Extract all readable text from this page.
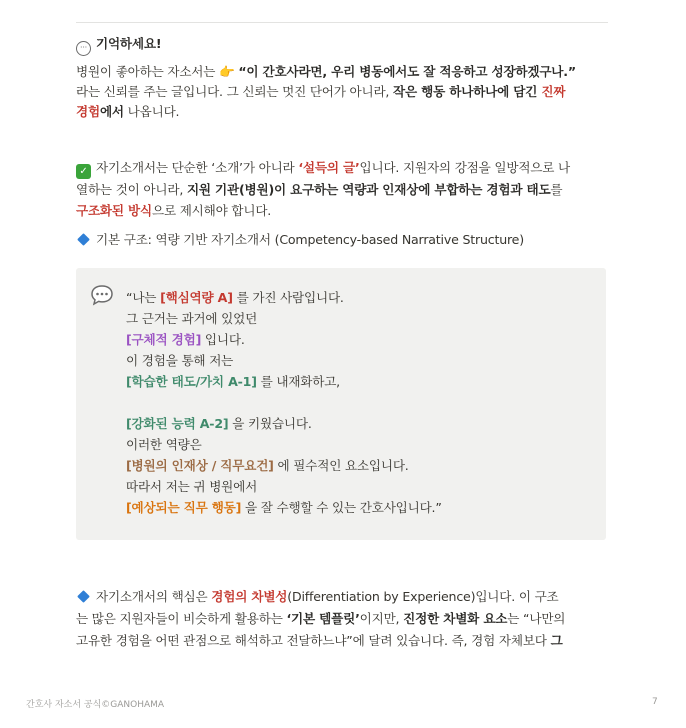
··· 기억하세요!
병원이 좋아하는 자소서는 👉 “이 간호사라면, 우리 병동에서도 잘 적응하고 성장하겠구나.”
라는 신뢰를 주는 글입니다. 그 신뢰는 멋진 단어가 아니라, 작은 행동 하나하나에 담긴 진짜
경험에서 나옵니다.
✓ 자기소개서는 단순한 ‘소개’가 아니라 ‘설득의 글’입니다. 지원자의 강점을 일방적으로 나
열하는 것이 아니라, 지원 기관(병원)이 요구하는 역량과 인재상에 부합하는 경험과 태도를
구조화된 방식으로 제시해야 합니다.
기본 구조: 역량 기반 자기소개서 (Competency-based Narrative Structure)
“나는 [핵심역량 A] 를 가진 사람입니다.
그 근거는 과거에 있었던
[구체적 경험] 입니다.
이 경험을 통해 저는
[학습한 태도/가치 A-1] 를 내재화하고,
[강화된 능력 A-2] 을 키웠습니다.
이러한 역량은
[병원의 인재상 / 직무요건] 에 필수적인 요소입니다.
따라서 저는 귀 병원에서
[예상되는 직무 행동] 을 잘 수행할 수 있는 간호사입니다.”
자기소개서의 핵심은 경험의 차별성(Differentiation by Experience)입니다. 이 구조
는 많은 지원자들이 비슷하게 활용하는 ‘기본 템플릿’이지만, 진정한 차별화 요소는 “나만의
고유한 경험을 어떤 관점으로 해석하고 전달하느냐”에 달려 있습니다. 즉, 경험 자체보다 그
간호사 자소서 공식©GANOHAMA	7
